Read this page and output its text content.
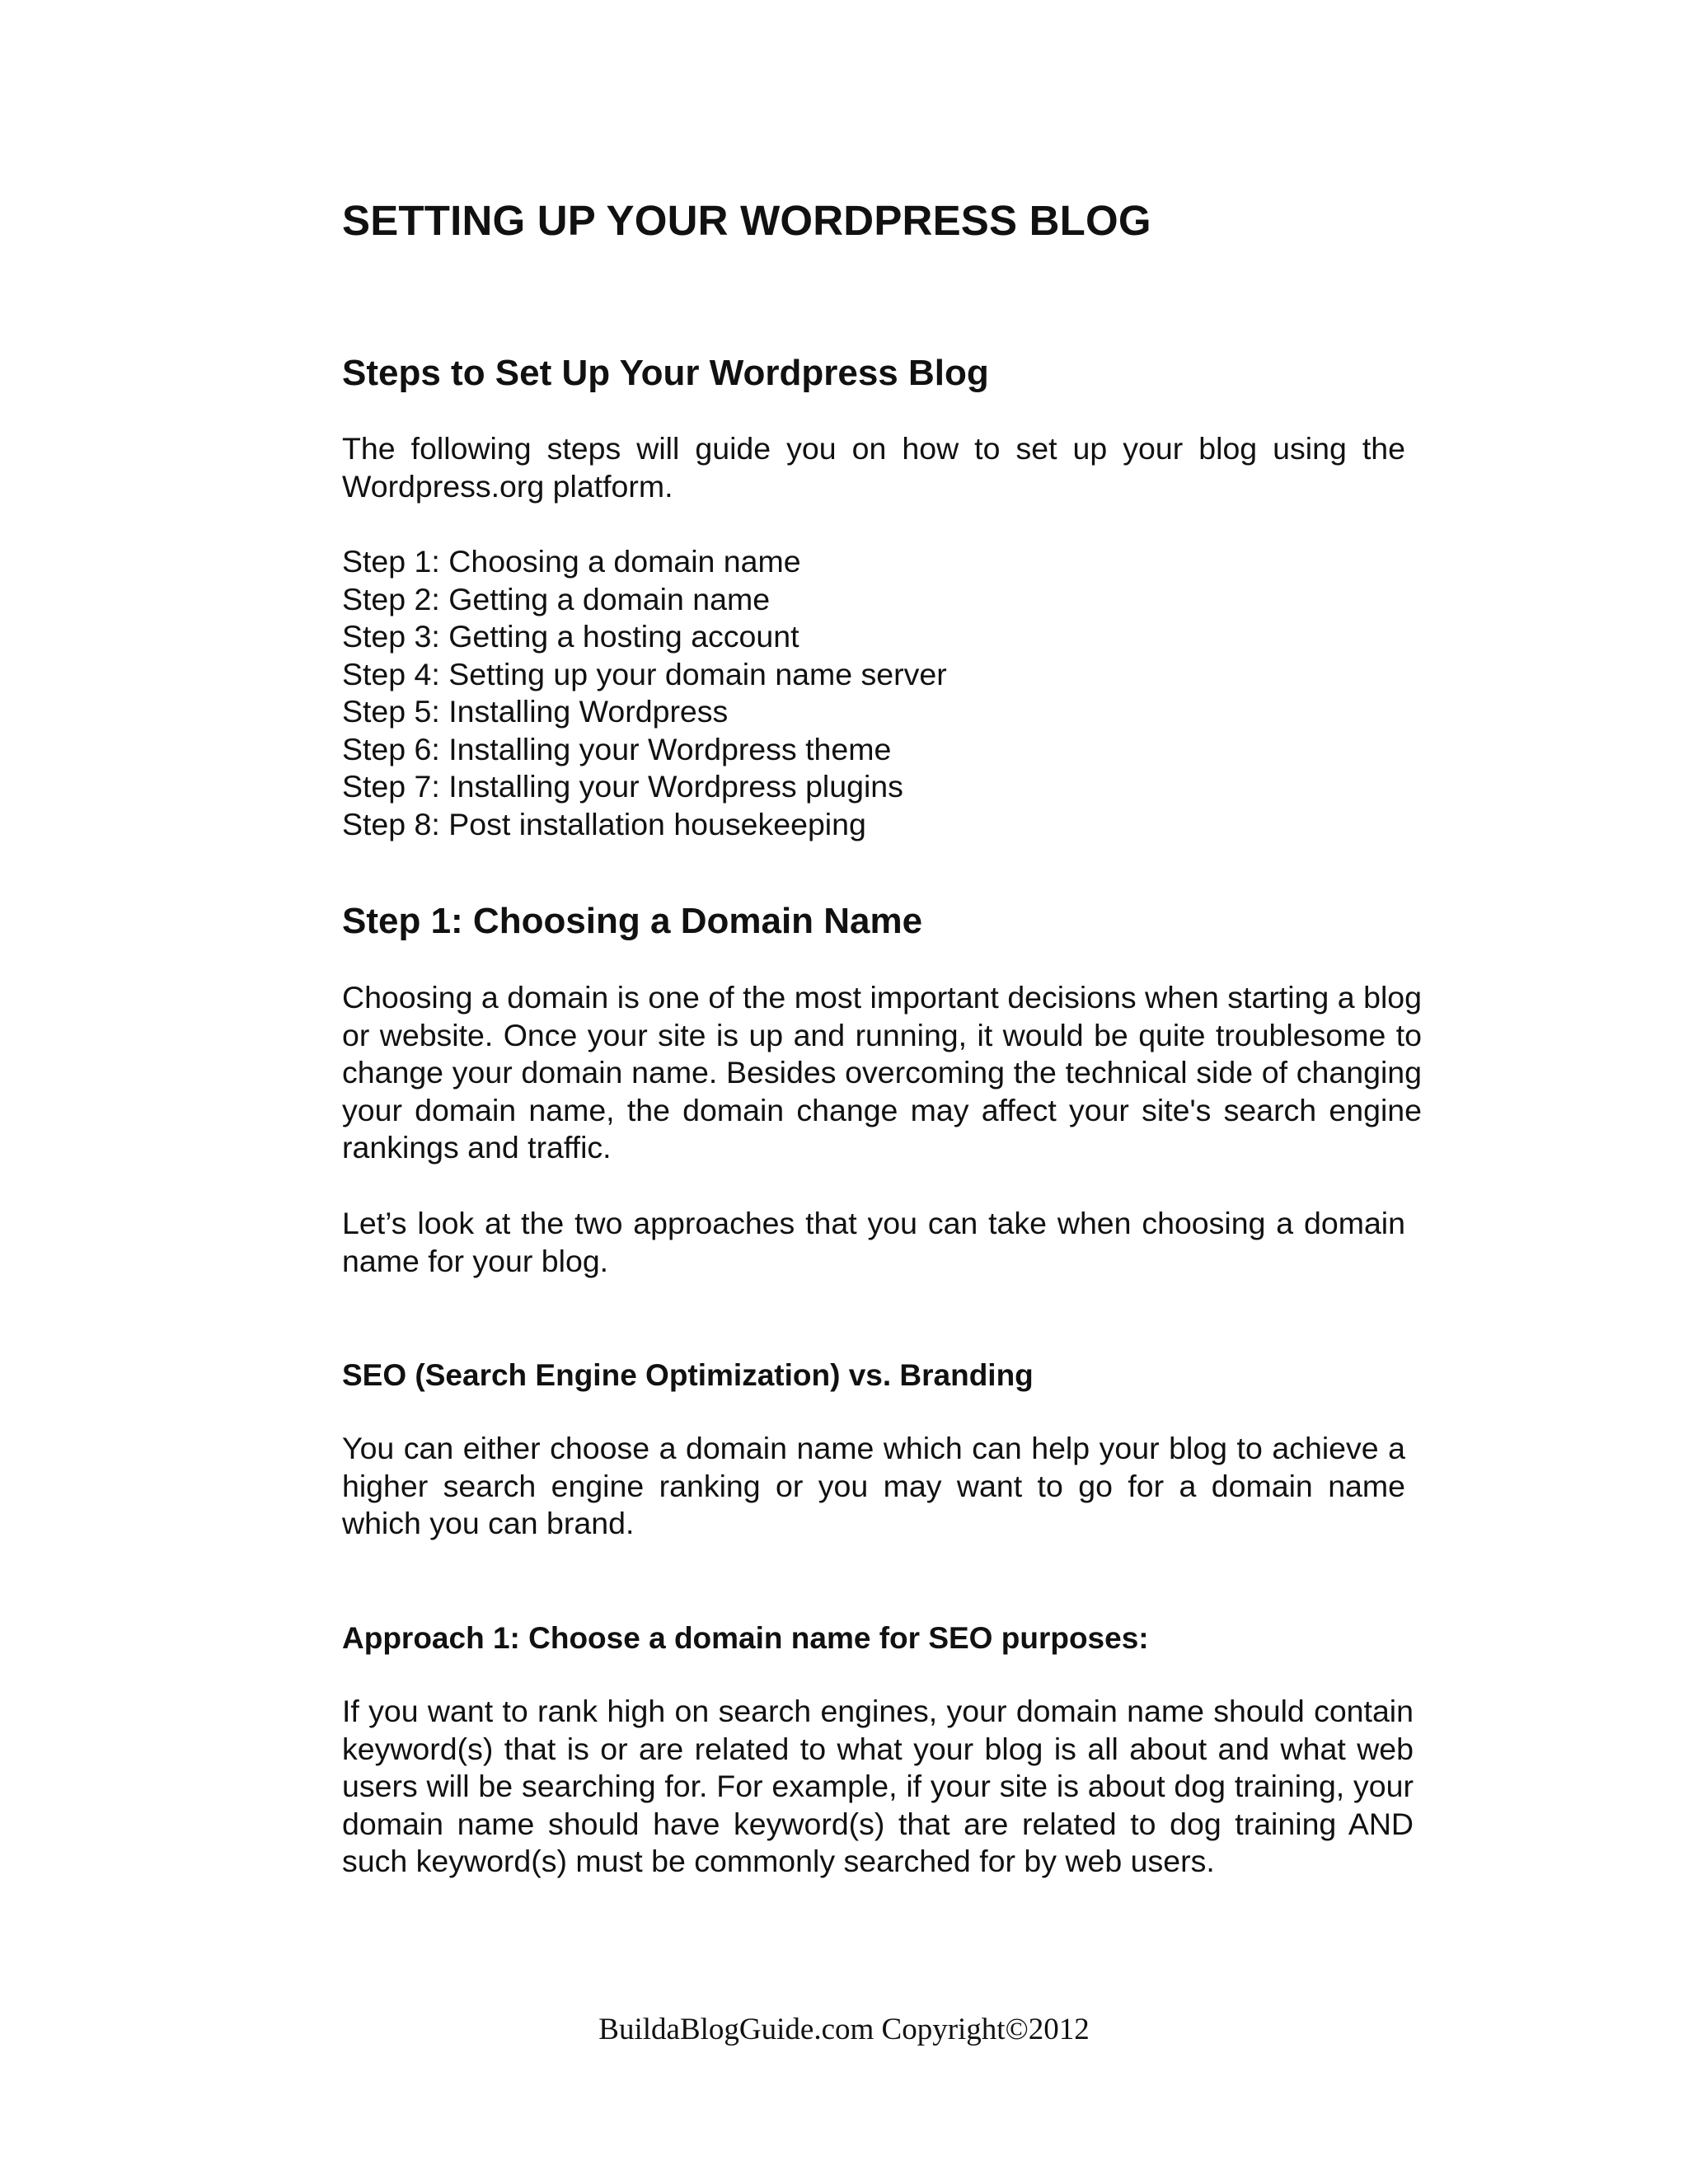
SETTING UP YOUR WORDPRESS BLOG
Steps to Set Up Your Wordpress Blog

The following steps will guide you on how to set up your blog using the Wordpress.org platform.

Step 1: Choosing a domain name
Step 2: Getting a domain name
Step 3: Getting a hosting account
Step 4: Setting up your domain name server
Step 5: Installing Wordpress
Step 6: Installing your Wordpress theme
Step 7: Installing your Wordpress plugins
Step 8: Post installation housekeeping
Step 1: Choosing a Domain Name

Choosing a domain is one of the most important decisions when starting a blog or website. Once your site is up and running, it would be quite troublesome to change your domain name. Besides overcoming the technical side of changing your domain name, the domain change may affect your site's search engine rankings and traffic.

Let’s look at the two approaches that you can take when choosing a domain name for your blog.

SEO (Search Engine Optimization) vs. Branding

You can either choose a domain name which can help your blog to achieve a higher search engine ranking or you may want to go for a domain name which you can brand.

Approach 1: Choose a domain name for SEO purposes:

If you want to rank high on search engines, your domain name should contain keyword(s) that is or are related to what your blog is all about and what web users will be searching for. For example, if your site is about dog training, your domain name should have keyword(s) that are related to dog training AND such keyword(s) must be commonly searched for by web users.

BuildaBlogGuide.com Copyright©2012
